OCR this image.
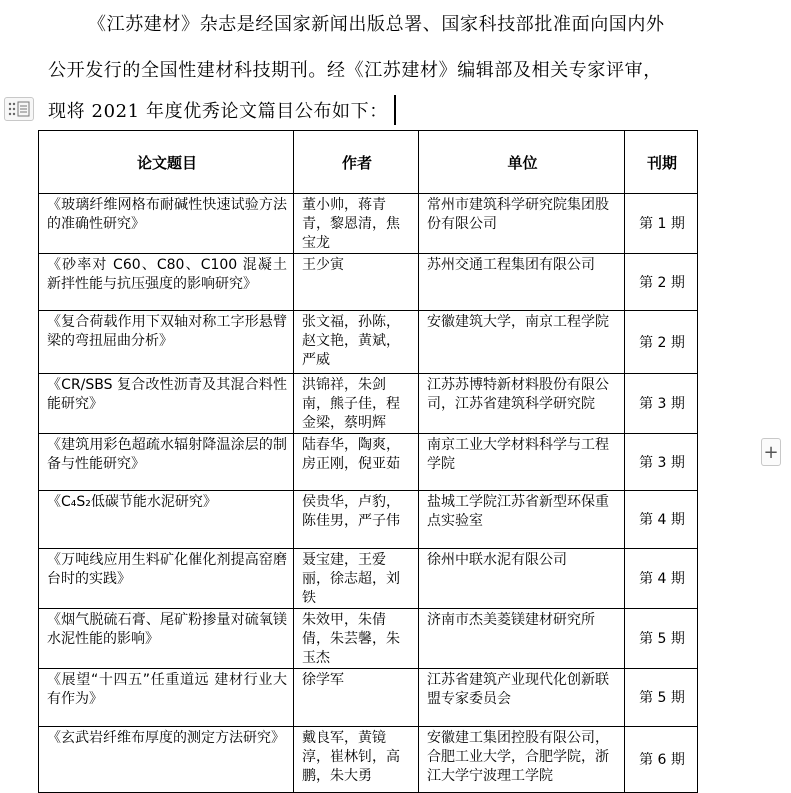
《江苏建材》杂志是经国家新闻出版总署、国家科技部批准面向国内外
公开发行的全国性建材科技期刊。经《江苏建材》编辑部及相关专家评审，
现将 2021 年度优秀论文篇目公布如下：
论文题目	作者	单位	刊期
《玻璃纤维网格布耐碱性快速试验方法的准确性研究》	董小帅，蒋青青，黎恩清，焦宝龙	常州市建筑科学研究院集团股份有限公司	第 1 期
《砂率对 C60、C80、C100 混凝土新拌性能与抗压强度的影响研究》	王少寅	苏州交通工程集团有限公司	第 2 期
《复合荷载作用下双轴对称工字形悬臂梁的弯扭屈曲分析》	张文福，孙陈，赵文艳，黄斌，严威	安徽建筑大学，南京工程学院	第 2 期
《CR/SBS 复合改性沥青及其混合料性能研究》	洪锦祥，朱剑南，熊子佳，程金梁，蔡明辉	江苏苏博特新材料股份有限公司，江苏省建筑科学研究院	第 3 期
《建筑用彩色超疏水辐射降温涂层的制备与性能研究》	陆春华，陶爽，房正刚，倪亚茹	南京工业大学材料科学与工程学院	第 3 期
《C₄S₂低碳节能水泥研究》	侯贵华，卢豹，陈佳男，严子伟	盐城工学院江苏省新型环保重点实验室	第 4 期
《万吨线应用生料矿化催化剂提高窑磨台时的实践》	聂宝建，王爱丽，徐志超，刘铁	徐州中联水泥有限公司	第 4 期
《烟气脱硫石膏、尾矿粉掺量对硫氧镁水泥性能的影响》	朱效甲，朱倩倩，朱芸馨，朱玉杰	济南市杰美菱镁建材研究所	第 5 期
《展望“十四五”任重道远 建材行业大有作为》	徐学军	江苏省建筑产业现代化创新联盟专家委员会	第 5 期
《玄武岩纤维布厚度的测定方法研究》	戴良军，黄镜淳，崔林钊，高鹏，朱大勇	安徽建工集团控股有限公司，合肥工业大学，合肥学院，浙江大学宁波理工学院	第 6 期
+
